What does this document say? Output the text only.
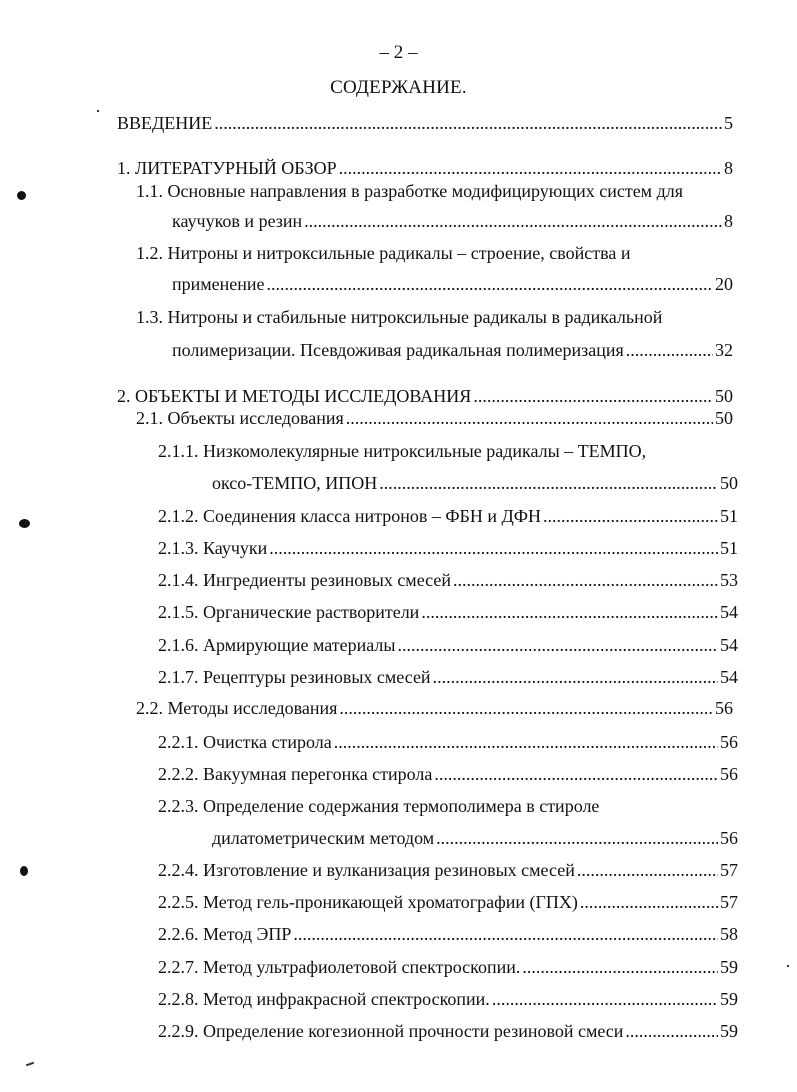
– 2 –
СОДЕРЖАНИЕ.
ВВЕДЕНИЕ .....	5
1. ЛИТЕРАТУРНЫЙ ОБЗОР .....	8
1.1. Основные направления в разработке модифицирующих систем для
каучуков и резин .....	8
1.2. Нитроны и нитроксильные радикалы – строение, свойства и
применение .....	20
1.3. Нитроны и стабильные нитроксильные радикалы в радикальной
полимеризации. Псевдоживая радикальная полимеризация .....	32
2. ОБЪЕКТЫ И МЕТОДЫ ИССЛЕДОВАНИЯ .....	50
2.1. Объекты исследования .....	50
2.1.1. Низкомолекулярные нитроксильные радикалы – ТЕМПО,
оксо-ТЕМПО, ИПОН .....	50
2.1.2. Соединения класса нитронов – ФБН и ДФН .....	51
2.1.3. Каучуки .....	51
2.1.4. Ингредиенты резиновых смесей .....	53
2.1.5. Органические растворители .....	54
2.1.6. Армирующие материалы .....	54
2.1.7. Рецептуры резиновых смесей .....	54
2.2. Методы исследования .....	56
2.2.1. Очистка стирола .....	56
2.2.2. Вакуумная перегонка стирола .....	56
2.2.3. Определение содержания термополимера в стироле
дилатометрическим методом .....	56
2.2.4. Изготовление и вулканизация резиновых смесей .....	57
2.2.5. Метод гель-проникающей хроматографии (ГПХ) .....	57
2.2.6. Метод ЭПР .....	58
2.2.7. Метод ультрафиолетовой спектроскопии. .....	59
2.2.8. Метод инфракрасной спектроскопии. .....	59
2.2.9. Определение когезионной прочности резиновой смеси .....	59
